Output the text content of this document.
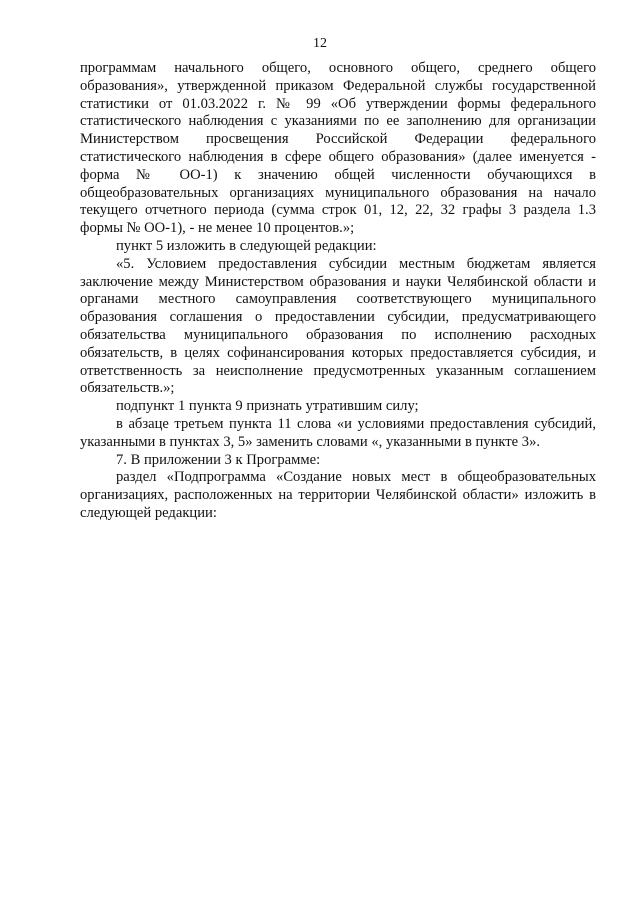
12

программам начального общего, основного общего, среднего общего образования», утвержденной приказом Федеральной службы государственной статистики от 01.03.2022 г. № 99 «Об утверждении формы федерального статистического наблюдения с указаниями по ее заполнению для организации Министерством просвещения Российской Федерации федерального статистического наблюдения в сфере общего образования» (далее именуется - форма № ОО-1) к значению общей численности обучающихся в общеобразовательных организациях муниципального образования на начало текущего отчетного периода (сумма строк 01, 12, 22, 32 графы 3 раздела 1.3 формы № ОО-1), - не менее 10 процентов.»;

пункт 5 изложить в следующей редакции:

«5. Условием предоставления субсидии местным бюджетам является заключение между Министерством образования и науки Челябинской области и органами местного самоуправления соответствующего муниципального образования соглашения о предоставлении субсидии, предусматривающего обязательства муниципального образования по исполнению расходных обязательств, в целях софинансирования которых предоставляется субсидия, и ответственность за неисполнение предусмотренных указанным соглашением обязательств.»;

подпункт 1 пункта 9 признать утратившим силу;

в абзаце третьем пункта 11 слова «и условиями предоставления субсидий, указанными в пунктах 3, 5» заменить словами «, указанными в пункте 3».

7. В приложении 3 к Программе:

раздел «Подпрограмма «Создание новых мест в общеобразовательных организациях, расположенных на территории Челябинской области» изложить в следующей редакции:
